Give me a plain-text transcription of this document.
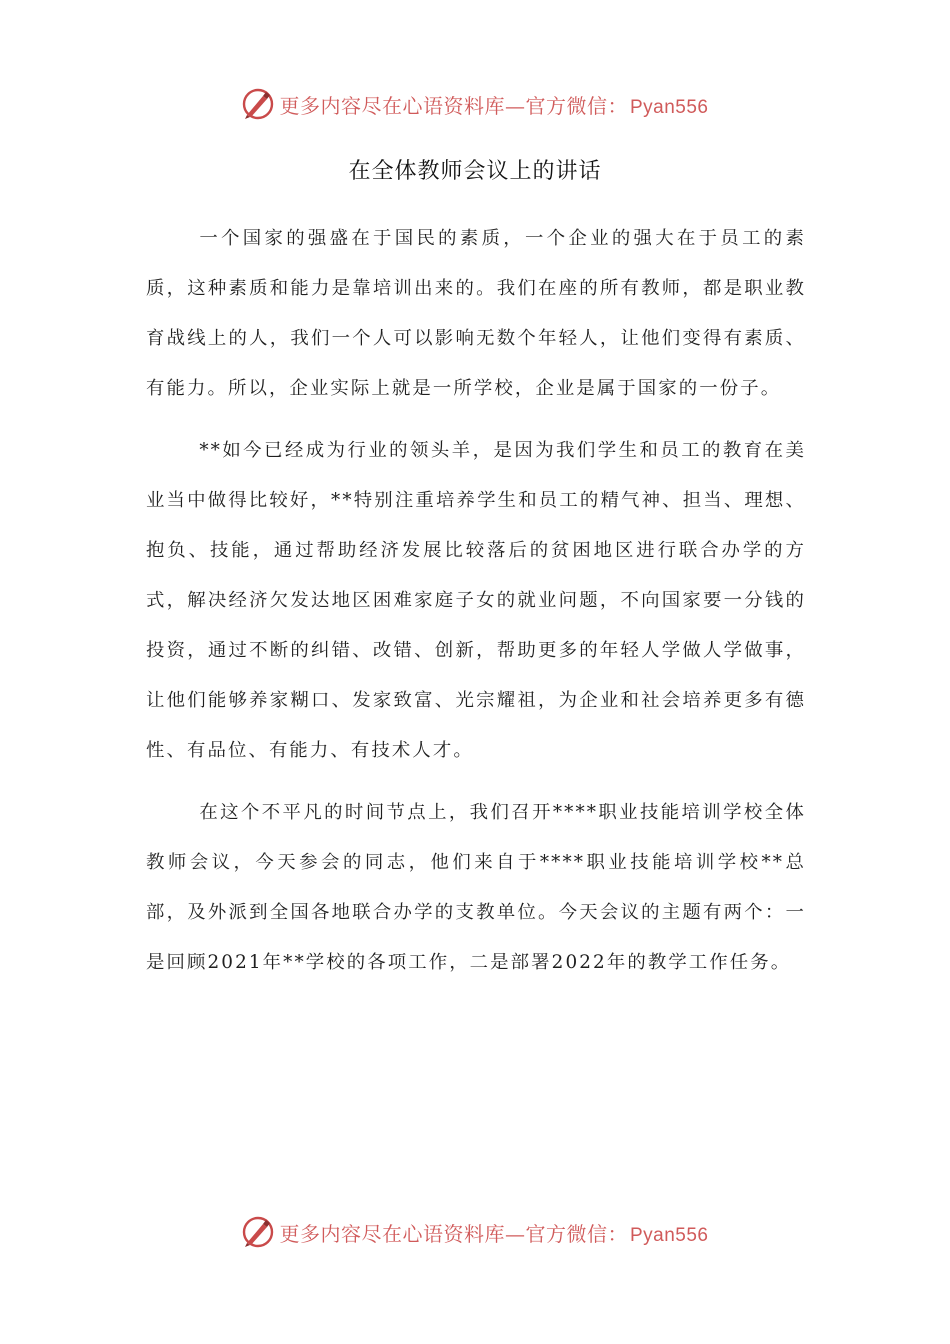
更多内容尽在心语资料库—官方微信： Pyan556
在全体教师会议上的讲话

一个国家的强盛在于国民的素质，一个企业的强大在于员工的素质，这种素质和能力是靠培训出来的。我们在座的所有教师，都是职业教育战线上的人，我们一个人可以影响无数个年轻人，让他们变得有素质、有能力。所以，企业实际上就是一所学校，企业是属于国家的一份子。

**如今已经成为行业的领头羊，是因为我们学生和员工的教育在美业当中做得比较好，**特别注重培养学生和员工的精气神、担当、理想、抱负、技能，通过帮助经济发展比较落后的贫困地区进行联合办学的方式，解决经济欠发达地区困难家庭子女的就业问题，不向国家要一分钱的投资，通过不断的纠错、改错、创新，帮助更多的年轻人学做人学做事，让他们能够养家糊口、发家致富、光宗耀祖，为企业和社会培养更多有德性、有品位、有能力、有技术人才。

在这个不平凡的时间节点上，我们召开****职业技能培训学校全体教师会议，今天参会的同志，他们来自于****职业技能培训学校**总部，及外派到全国各地联合办学的支教单位。今天会议的主题有两个：一是回顾2021年**学校的各项工作，二是部署2022年的教学工作任务。

更多内容尽在心语资料库—官方微信： Pyan556
